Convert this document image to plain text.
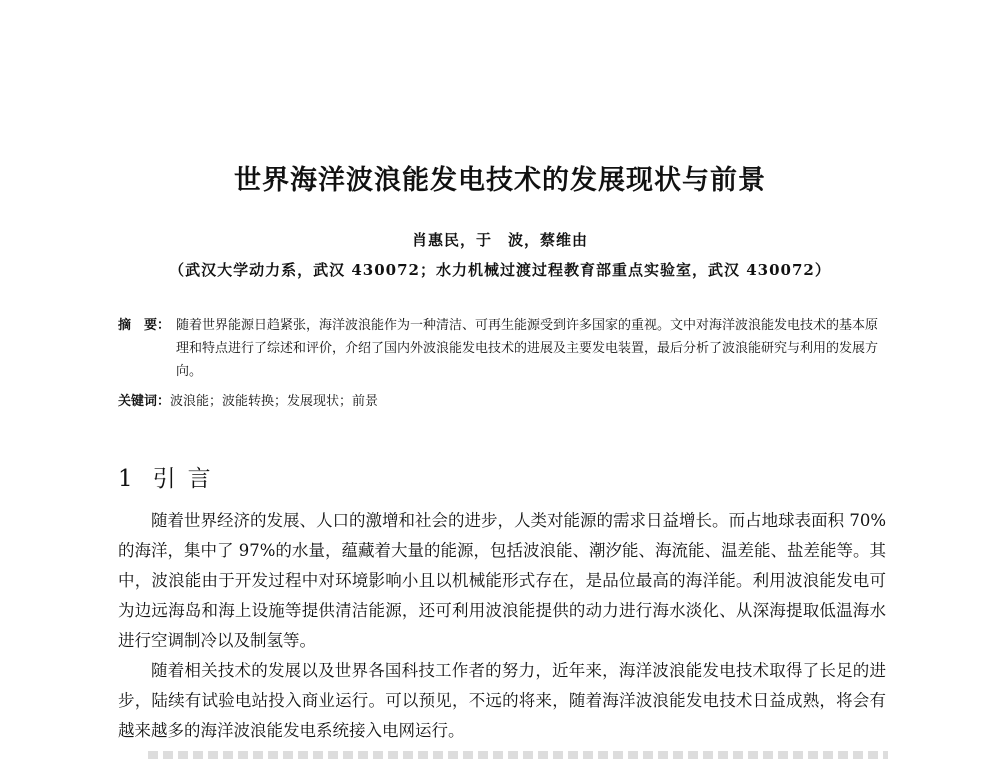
世界海洋波浪能发电技术的发展现状与前景
肖惠民，于　波，蔡维由
（武汉大学动力系，武汉 430072；水力机械过渡过程教育部重点实验室，武汉 430072）
摘　要： 随着世界能源日趋紧张，海洋波浪能作为一种清洁、可再生能源受到许多国家的重视。文中对海洋波浪能发电技术的基本原理和特点进行了综述和评价，介绍了国内外波浪能发电技术的进展及主要发电装置，最后分析了波浪能研究与利用的发展方向。
关键词：波浪能；波能转换；发展现状；前景
1 引言

随着世界经济的发展、人口的激增和社会的进步，人类对能源的需求日益增长。而占地球表面积 70%的海洋，集中了 97%的水量，蕴藏着大量的能源，包括波浪能、潮汐能、海流能、温差能、盐差能等。其中，波浪能由于开发过程中对环境影响小且以机械能形式存在，是品位最高的海洋能。利用波浪能发电可为边远海岛和海上设施等提供清洁能源，还可利用波浪能提供的动力进行海水淡化、从深海提取低温海水进行空调制冷以及制氢等。

随着相关技术的发展以及世界各国科技工作者的努力，近年来，海洋波浪能发电技术取得了长足的进步，陆续有试验电站投入商业运行。可以预见，不远的将来，随着海洋波浪能发电技术日益成熟，将会有越来越多的海洋波浪能发电系统接入电网运行。
